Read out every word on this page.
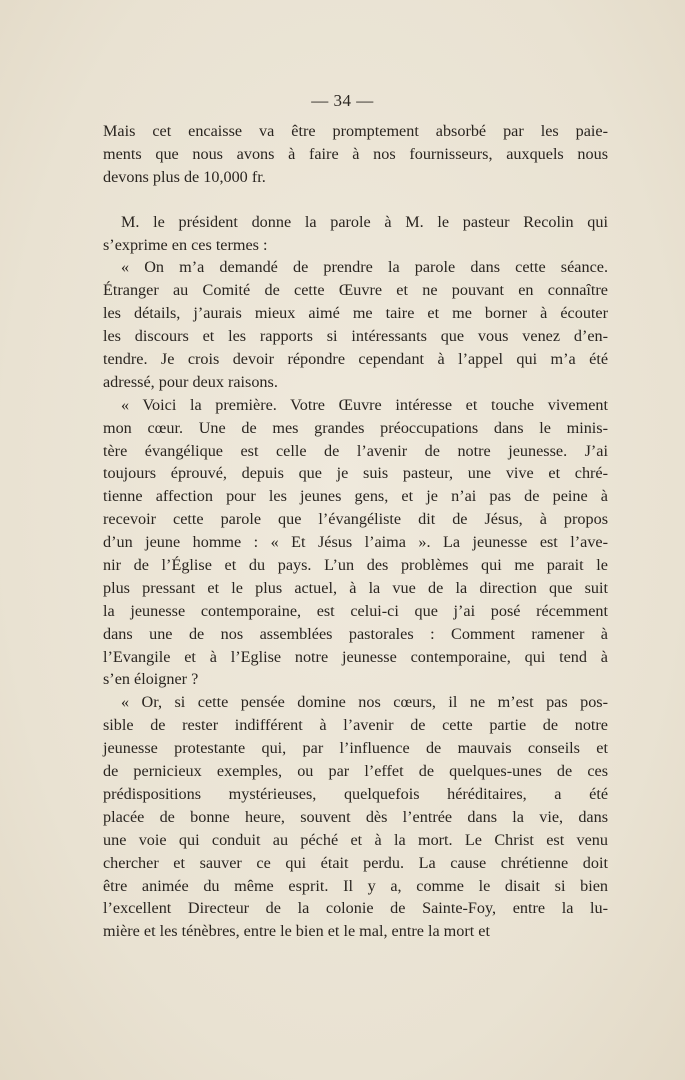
— 34 —
Mais cet encaisse va être promptement absorbé par les paie-
ments que nous avons à faire à nos fournisseurs, auxquels nous
devons plus de 10,000 fr.
M. le président donne la parole à M. le pasteur Recolin qui
s’exprime en ces termes :
« On m’a demandé de prendre la parole dans cette séance.
Étranger au Comité de cette Œuvre et ne pouvant en connaître
les détails, j’aurais mieux aimé me taire et me borner à écouter
les discours et les rapports si intéressants que vous venez d’en-
tendre. Je crois devoir répondre cependant à l’appel qui m’a été
adressé, pour deux raisons.
« Voici la première. Votre Œuvre intéresse et touche vivement
mon cœur. Une de mes grandes préoccupations dans le minis-
tère évangélique est celle de l’avenir de notre jeunesse. J’ai
toujours éprouvé, depuis que je suis pasteur, une vive et chré-
tienne affection pour les jeunes gens, et je n’ai pas de peine à
recevoir cette parole que l’évangéliste dit de Jésus, à propos
d’un jeune homme : « Et Jésus l’aima ». La jeunesse est l’ave-
nir de l’Église et du pays. L’un des problèmes qui me parait le
plus pressant et le plus actuel, à la vue de la direction que suit
la jeunesse contemporaine, est celui-ci que j’ai posé récemment
dans une de nos assemblées pastorales : Comment ramener à
l’Evangile et à l’Eglise notre jeunesse contemporaine, qui tend à
s’en éloigner ?
« Or, si cette pensée domine nos cœurs, il ne m’est pas pos-
sible de rester indifférent à l’avenir de cette partie de notre
jeunesse protestante qui, par l’influence de mauvais conseils et
de pernicieux exemples, ou par l’effet de quelques-unes de ces
prédispositions mystérieuses, quelquefois héréditaires, a été
placée de bonne heure, souvent dès l’entrée dans la vie, dans
une voie qui conduit au péché et à la mort. Le Christ est venu
chercher et sauver ce qui était perdu. La cause chrétienne doit
être animée du même esprit. Il y a, comme le disait si bien
l’excellent Directeur de la colonie de Sainte-Foy, entre la lu-
mière et les ténèbres, entre le bien et le mal, entre la mort et
